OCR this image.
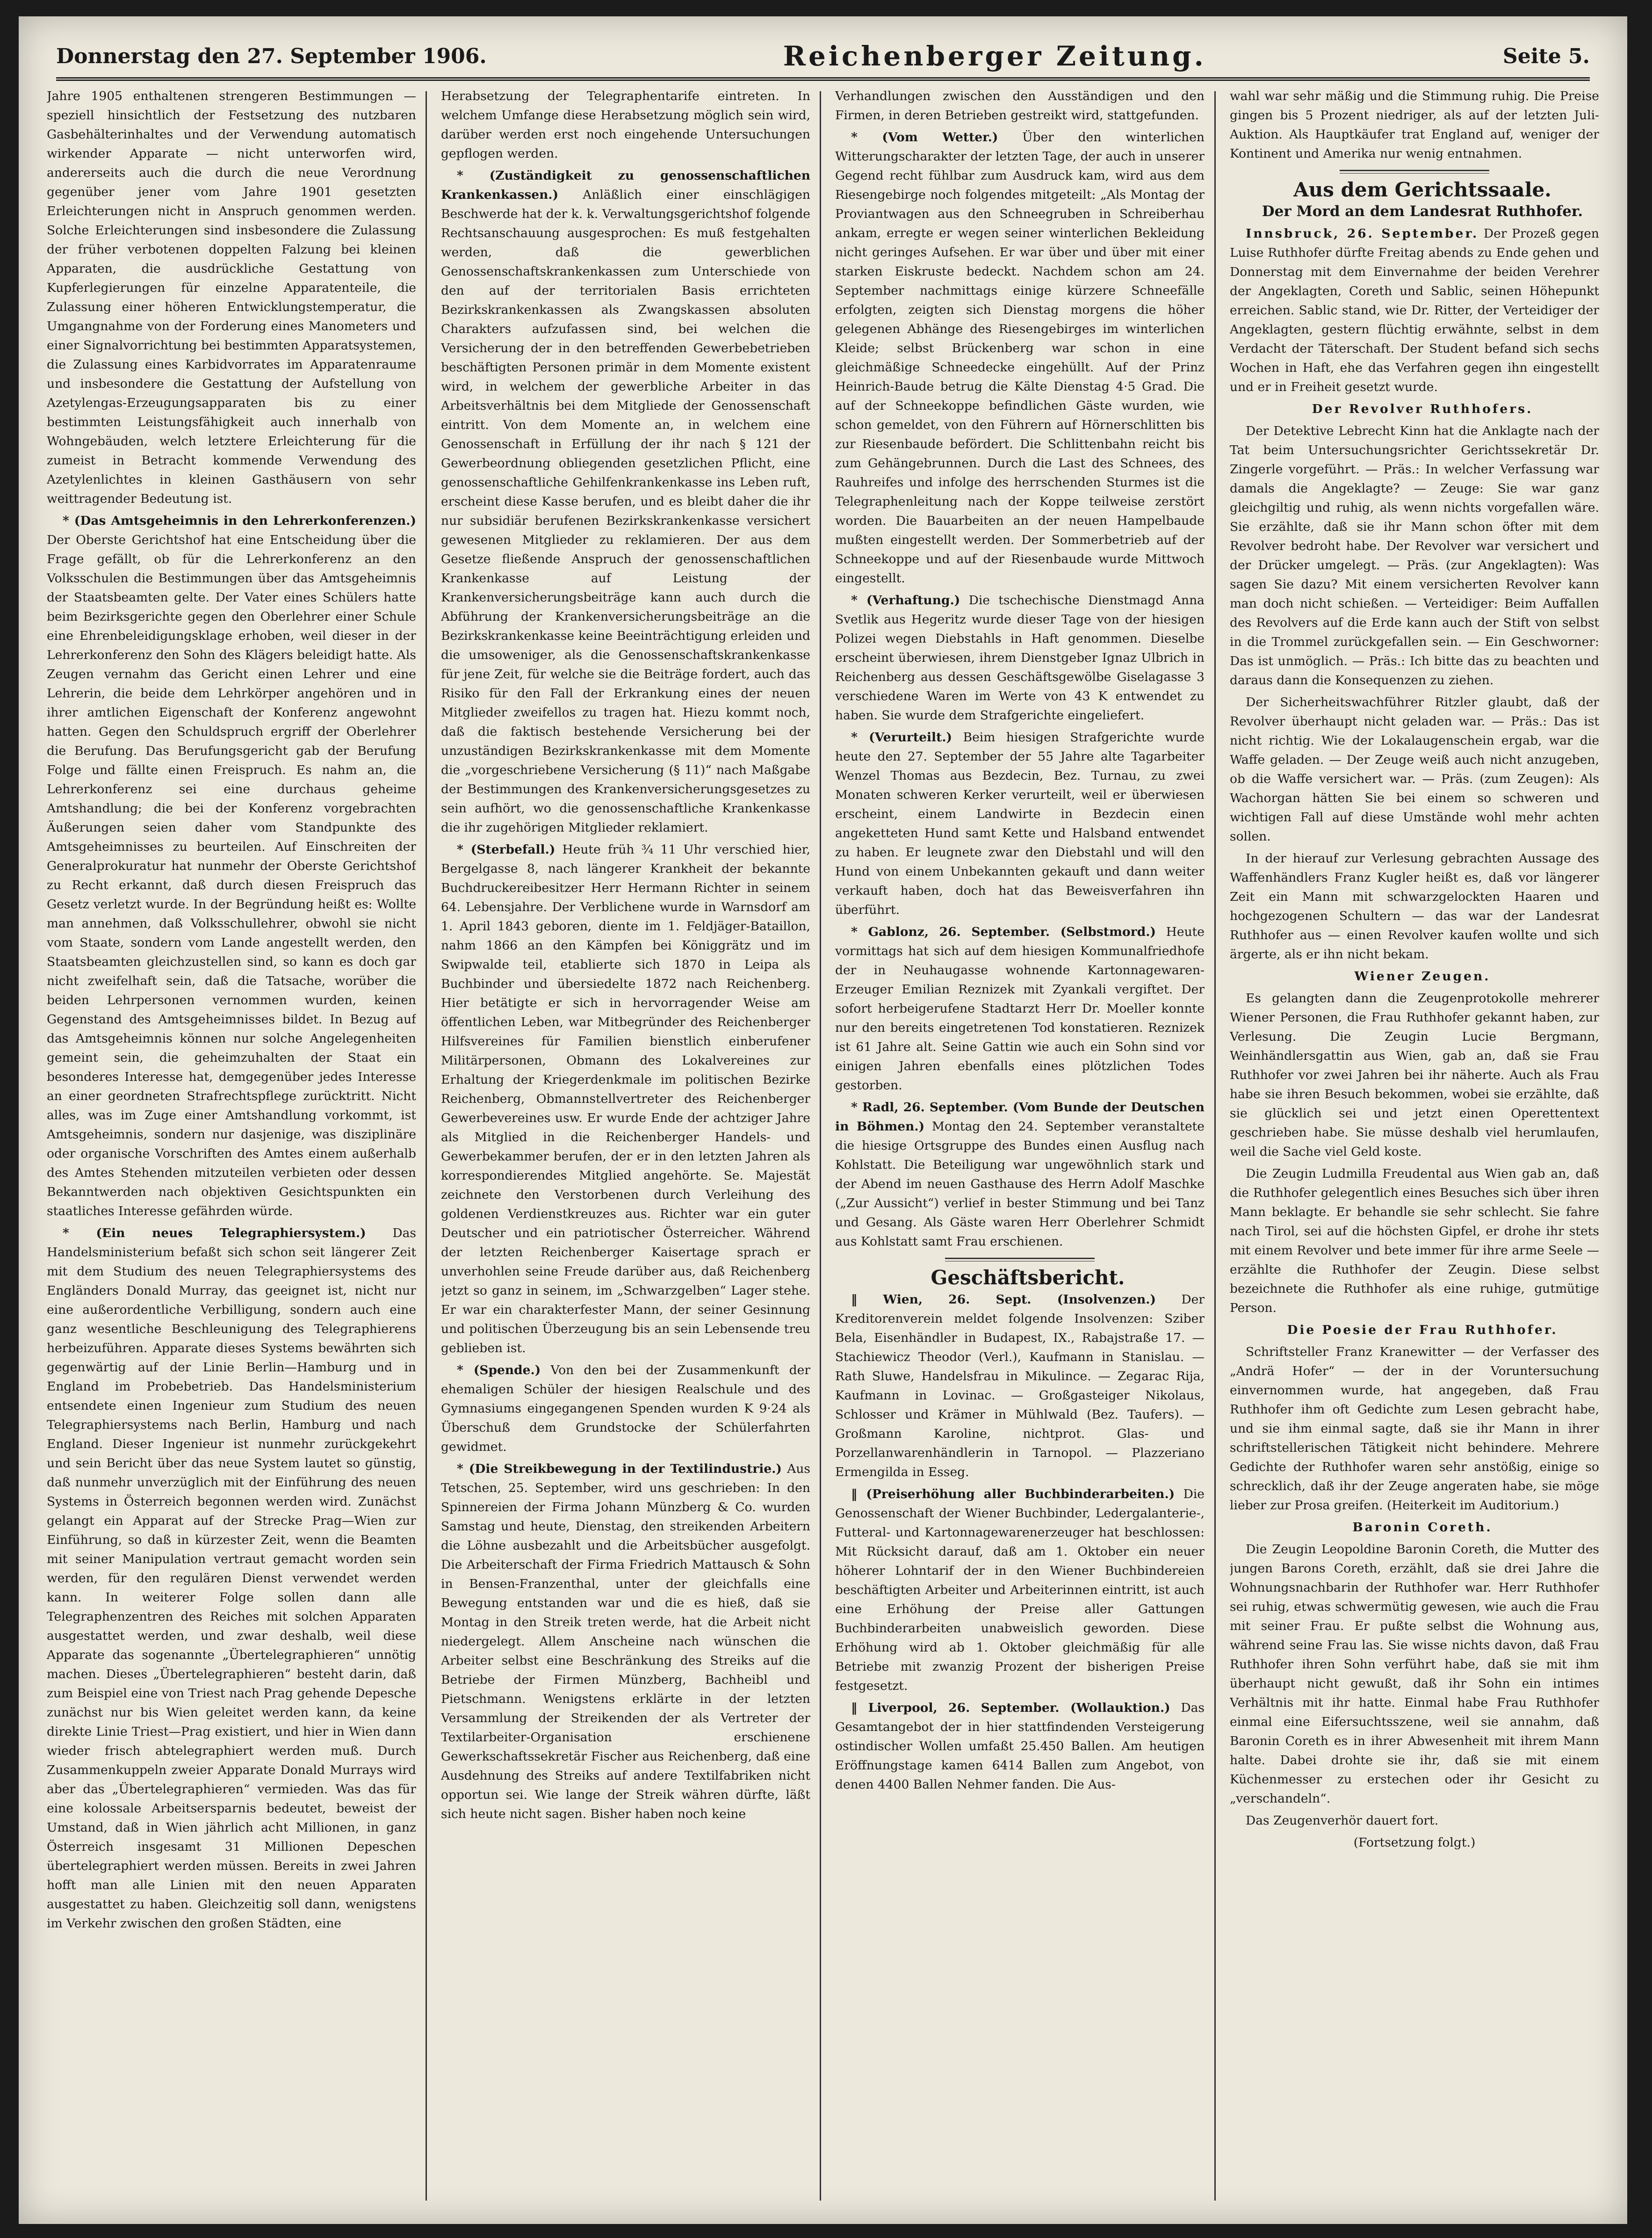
Donnerstag den 27. September 1906.	Reichenberger Zeitung.	Seite 5.

Jahre 1905 enthaltenen strengeren Bestimmungen — speziell hinsichtlich der Festsetzung des nutzbaren Gasbehälterinhaltes und der Verwendung automatisch wirkender Apparate — nicht unterworfen wird, andererseits auch die durch die neue Verordnung gegenüber jener vom Jahre 1901 gesetzten Erleichterungen nicht in Anspruch genommen werden. Solche Erleichterungen sind insbesondere die Zulassung der früher verbotenen doppelten Falzung bei kleinen Apparaten, die ausdrückliche Gestattung von Kupferlegierungen für einzelne Apparatenteile, die Zulassung einer höheren Entwicklungstemperatur, die Umgangnahme von der Forderung eines Manometers und einer Signalvorrichtung bei bestimmten Apparatsystemen, die Zulassung eines Karbidvorrates im Apparatenraume und insbesondere die Gestattung der Aufstellung von Azetylengas-Erzeugungsapparaten bis zu einer bestimmten Leistungsfähigkeit auch innerhalb von Wohngebäuden, welch letztere Erleichterung für die zumeist in Betracht kommende Verwendung des Azetylenlichtes in kleinen Gasthäusern von sehr weittragender Bedeutung ist.

* (Das Amtsgeheimnis in den Lehrerkonferenzen.) Der Oberste Gerichtshof hat eine Entscheidung über die Frage gefällt, ob für die Lehrerkonferenz an den Volksschulen die Bestimmungen über das Amtsgeheimnis der Staatsbeamten gelte. Der Vater eines Schülers hatte beim Bezirksgerichte gegen den Oberlehrer einer Schule eine Ehrenbeleidigungsklage erhoben, weil dieser in der Lehrerkonferenz den Sohn des Klägers beleidigt hatte. Als Zeugen vernahm das Gericht einen Lehrer und eine Lehrerin, die beide dem Lehrkörper angehören und in ihrer amtlichen Eigenschaft der Konferenz angewohnt hatten. Gegen den Schuldspruch ergriff der Oberlehrer die Berufung. Das Berufungsgericht gab der Berufung Folge und fällte einen Freispruch. Es nahm an, die Lehrerkonferenz sei eine durchaus geheime Amtshandlung; die bei der Konferenz vorgebrachten Äußerungen seien daher vom Standpunkte des Amtsgeheimnisses zu beurteilen. Auf Einschreiten der Generalprokuratur hat nunmehr der Oberste Gerichtshof zu Recht erkannt, daß durch diesen Freispruch das Gesetz verletzt wurde. In der Begründung heißt es: Wollte man annehmen, daß Volksschullehrer, obwohl sie nicht vom Staate, sondern vom Lande angestellt werden, den Staatsbeamten gleichzustellen sind, so kann es doch gar nicht zweifelhaft sein, daß die Tatsache, worüber die beiden Lehrpersonen vernommen wurden, keinen Gegenstand des Amtsgeheimnisses bildet. In Bezug auf das Amtsgeheimnis können nur solche Angelegenheiten gemeint sein, die geheimzuhalten der Staat ein besonderes Interesse hat, demgegenüber jedes Interesse an einer geordneten Strafrechtspflege zurücktritt. Nicht alles, was im Zuge einer Amtshandlung vorkommt, ist Amtsgeheimnis, sondern nur dasjenige, was disziplinäre oder organische Vorschriften des Amtes einem außerhalb des Amtes Stehenden mitzuteilen verbieten oder dessen Bekanntwerden nach objektiven Gesichtspunkten ein staatliches Interesse gefährden würde.

* (Ein neues Telegraphiersystem.) Das Handelsministerium befaßt sich schon seit längerer Zeit mit dem Studium des neuen Telegraphiersystems des Engländers Donald Murray, das geeignet ist, nicht nur eine außerordentliche Verbilligung, sondern auch eine ganz wesentliche Beschleunigung des Telegraphierens herbeizuführen. Apparate dieses Systems bewährten sich gegenwärtig auf der Linie Berlin—Hamburg und in England im Probebetrieb. Das Handelsministerium entsendete einen Ingenieur zum Studium des neuen Telegraphiersystems nach Berlin, Hamburg und nach England. Dieser Ingenieur ist nunmehr zurückgekehrt und sein Bericht über das neue System lautet so günstig, daß nunmehr unverzüglich mit der Einführung des neuen Systems in Österreich begonnen werden wird. Zunächst gelangt ein Apparat auf der Strecke Prag—Wien zur Einführung, so daß in kürzester Zeit, wenn die Beamten mit seiner Manipulation vertraut gemacht worden sein werden, für den regulären Dienst verwendet werden kann. In weiterer Folge sollen dann alle Telegraphenzentren des Reiches mit solchen Apparaten ausgestattet werden, und zwar deshalb, weil diese Apparate das sogenannte „Übertelegraphieren“ unnötig machen. Dieses „Übertelegraphieren“ besteht darin, daß zum Beispiel eine von Triest nach Prag gehende Depesche zunächst nur bis Wien geleitet werden kann, da keine direkte Linie Triest—Prag existiert, und hier in Wien dann wieder frisch abtelegraphiert werden muß. Durch Zusammenkuppeln zweier Apparate Donald Murrays wird aber das „Übertelegraphieren“ vermieden. Was das für eine kolossale Arbeitsersparnis bedeutet, beweist der Umstand, daß in Wien jährlich acht Millionen, in ganz Österreich insgesamt 31 Millionen Depeschen übertelegraphiert werden müssen. Bereits in zwei Jahren hofft man alle Linien mit den neuen Apparaten ausgestattet zu haben. Gleichzeitig soll dann, wenigstens im Verkehr zwischen den großen Städten, eine

Herabsetzung der Telegraphentarife eintreten. In welchem Umfange diese Herabsetzung möglich sein wird, darüber werden erst noch eingehende Untersuchungen gepflogen werden.

* (Zuständigkeit zu genossenschaftlichen Krankenkassen.) Anläßlich einer einschlägigen Beschwerde hat der k. k. Verwaltungsgerichtshof folgende Rechtsanschauung ausgesprochen: Es muß festgehalten werden, daß die gewerblichen Genossenschaftskrankenkassen zum Unterschiede von den auf der territorialen Basis errichteten Bezirkskrankenkassen als Zwangskassen absoluten Charakters aufzufassen sind, bei welchen die Versicherung der in den betreffenden Gewerbebetrieben beschäftigten Personen primär in dem Momente existent wird, in welchem der gewerbliche Arbeiter in das Arbeitsverhältnis bei dem Mitgliede der Genossenschaft eintritt. Von dem Momente an, in welchem eine Genossenschaft in Erfüllung der ihr nach § 121 der Gewerbeordnung obliegenden gesetzlichen Pflicht, eine genossenschaftliche Gehilfenkrankenkasse ins Leben ruft, erscheint diese Kasse berufen, und es bleibt daher die ihr nur subsidiär berufenen Bezirkskrankenkasse versichert gewesenen Mitglieder zu reklamieren. Der aus dem Gesetze fließende Anspruch der genossenschaftlichen Krankenkasse auf Leistung der Krankenversicherungsbeiträge kann auch durch die Abführung der Krankenversicherungsbeiträge an die Bezirkskrankenkasse keine Beeinträchtigung erleiden und die umsoweniger, als die Genossenschaftskrankenkasse für jene Zeit, für welche sie die Beiträge fordert, auch das Risiko für den Fall der Erkrankung eines der neuen Mitglieder zweifellos zu tragen hat. Hiezu kommt noch, daß die faktisch bestehende Versicherung bei der unzuständigen Bezirkskrankenkasse mit dem Momente die „vorgeschriebene Versicherung (§ 11)“ nach Maßgabe der Bestimmungen des Krankenversicherungsgesetzes zu sein aufhört, wo die genossenschaftliche Krankenkasse die ihr zugehörigen Mitglieder reklamiert.

* (Sterbefall.) Heute früh ¾ 11 Uhr verschied hier, Bergelgasse 8, nach längerer Krankheit der bekannte Buchdruckereibesitzer Herr Hermann Richter in seinem 64. Lebensjahre. Der Verblichene wurde in Warnsdorf am 1. April 1843 geboren, diente im 1. Feldjäger-Bataillon, nahm 1866 an den Kämpfen bei Königgrätz und im Swipwalde teil, etablierte sich 1870 in Leipa als Buchbinder und übersiedelte 1872 nach Reichenberg. Hier betätigte er sich in hervorragender Weise am öffentlichen Leben, war Mitbegründer des Reichenberger Hilfsvereines für Familien bienstlich einberufener Militärpersonen, Obmann des Lokalvereines zur Erhaltung der Kriegerdenkmale im politischen Bezirke Reichenberg, Obmannstellvertreter des Reichenberger Gewerbevereines usw. Er wurde Ende der achtziger Jahre als Mitglied in die Reichenberger Handels- und Gewerbekammer berufen, der er in den letzten Jahren als korrespondierendes Mitglied angehörte. Se. Majestät zeichnete den Verstorbenen durch Verleihung des goldenen Verdienstkreuzes aus. Richter war ein guter Deutscher und ein patriotischer Österreicher. Während der letzten Reichenberger Kaisertage sprach er unverhohlen seine Freude darüber aus, daß Reichenberg jetzt so ganz in seinem, im „Schwarzgelben“ Lager stehe. Er war ein charakterfester Mann, der seiner Gesinnung und politischen Überzeugung bis an sein Lebensende treu geblieben ist.

* (Spende.) Von den bei der Zusammenkunft der ehemaligen Schüler der hiesigen Realschule und des Gymnasiums eingegangenen Spenden wurden K 9·24 als Überschuß dem Grundstocke der Schülerfahrten gewidmet.

* (Die Streikbewegung in der Textilindustrie.) Aus Tetschen, 25. September, wird uns geschrieben: In den Spinnereien der Firma Johann Münzberg & Co. wurden Samstag und heute, Dienstag, den streikenden Arbeitern die Löhne ausbezahlt und die Arbeitsbücher ausgefolgt. Die Arbeiterschaft der Firma Friedrich Mattausch & Sohn in Bensen-Franzenthal, unter der gleichfalls eine Bewegung entstanden war und die es hieß, daß sie Montag in den Streik treten werde, hat die Arbeit nicht niedergelegt. Allem Anscheine nach wünschen die Arbeiter selbst eine Beschränkung des Streiks auf die Betriebe der Firmen Münzberg, Bachheibl und Pietschmann. Wenigstens erklärte in der letzten Versammlung der Streikenden der als Vertreter der Textilarbeiter-Organisation erschienene Gewerkschaftssekretär Fischer aus Reichenberg, daß eine Ausdehnung des Streiks auf andere Textilfabriken nicht opportun sei. Wie lange der Streik währen dürfte, läßt sich heute nicht sagen. Bisher haben noch keine

Verhandlungen zwischen den Ausständigen und den Firmen, in deren Betrieben gestreikt wird, stattgefunden.

* (Vom Wetter.) Über den winterlichen Witterungscharakter der letzten Tage, der auch in unserer Gegend recht fühlbar zum Ausdruck kam, wird aus dem Riesengebirge noch folgendes mitgeteilt: „Als Montag der Proviantwagen aus den Schneegruben in Schreiberhau ankam, erregte er wegen seiner winterlichen Bekleidung nicht geringes Aufsehen. Er war über und über mit einer starken Eiskruste bedeckt. Nachdem schon am 24. September nachmittags einige kürzere Schneefälle erfolgten, zeigten sich Dienstag morgens die höher gelegenen Abhänge des Riesengebirges im winterlichen Kleide; selbst Brückenberg war schon in eine gleichmäßige Schneedecke eingehüllt. Auf der Prinz Heinrich-Baude betrug die Kälte Dienstag 4·5 Grad. Die auf der Schneekoppe befindlichen Gäste wurden, wie schon gemeldet, von den Führern auf Hörnerschlitten bis zur Riesenbaude befördert. Die Schlittenbahn reicht bis zum Gehängebrunnen. Durch die Last des Schnees, des Rauhreifes und infolge des herrschenden Sturmes ist die Telegraphenleitung nach der Koppe teilweise zerstört worden. Die Bauarbeiten an der neuen Hampelbaude mußten eingestellt werden. Der Sommerbetrieb auf der Schneekoppe und auf der Riesenbaude wurde Mittwoch eingestellt.

* (Verhaftung.) Die tschechische Dienstmagd Anna Svetlik aus Hegeritz wurde dieser Tage von der hiesigen Polizei wegen Diebstahls in Haft genommen. Dieselbe erscheint überwiesen, ihrem Dienstgeber Ignaz Ulbrich in Reichenberg aus dessen Geschäftsgewölbe Giselagasse 3 verschiedene Waren im Werte von 43 K entwendet zu haben. Sie wurde dem Strafgerichte eingeliefert.

* (Verurteilt.) Beim hiesigen Strafgerichte wurde heute den 27. September der 55 Jahre alte Tagarbeiter Wenzel Thomas aus Bezdecin, Bez. Turnau, zu zwei Monaten schweren Kerker verurteilt, weil er überwiesen erscheint, einem Landwirte in Bezdecin einen angeketteten Hund samt Kette und Halsband entwendet zu haben. Er leugnete zwar den Diebstahl und will den Hund von einem Unbekannten gekauft und dann weiter verkauft haben, doch hat das Beweisverfahren ihn überführt.

* Gablonz, 26. September. (Selbstmord.) Heute vormittags hat sich auf dem hiesigen Kommunalfriedhofe der in Neuhaugasse wohnende Kartonnagewaren-Erzeuger Emilian Reznizek mit Zyankali vergiftet. Der sofort herbeigerufene Stadtarzt Herr Dr. Moeller konnte nur den bereits eingetretenen Tod konstatieren. Reznizek ist 61 Jahre alt. Seine Gattin wie auch ein Sohn sind vor einigen Jahren ebenfalls eines plötzlichen Todes gestorben.

* Radl, 26. September. (Vom Bunde der Deutschen in Böhmen.) Montag den 24. September veranstaltete die hiesige Ortsgruppe des Bundes einen Ausflug nach Kohlstatt. Die Beteiligung war ungewöhnlich stark und der Abend im neuen Gasthause des Herrn Adolf Maschke („Zur Aussicht“) verlief in bester Stimmung und bei Tanz und Gesang. Als Gäste waren Herr Oberlehrer Schmidt aus Kohlstatt samt Frau erschienen.

Geschäftsbericht.

‖ Wien, 26. Sept. (Insolvenzen.) Der Kreditorenverein meldet folgende Insolvenzen: Sziber Bela, Eisenhändler in Budapest, IX., Rabajstraße 17. — Stachiewicz Theodor (Verl.), Kaufmann in Stanislau. — Rath Sluwe, Handelsfrau in Mikulince. — Zegarac Rija, Kaufmann in Lovinac. — Großgasteiger Nikolaus, Schlosser und Krämer in Mühlwald (Bez. Taufers). — Großmann Karoline, nichtprot. Glas- und Porzellanwarenhändlerin in Tarnopol. — Plazzeriano Ermengilda in Esseg.

‖ (Preiserhöhung aller Buchbinderarbeiten.) Die Genossenschaft der Wiener Buchbinder, Ledergalanterie-, Futteral- und Kartonnagewarenerzeuger hat beschlossen: Mit Rücksicht darauf, daß am 1. Oktober ein neuer höherer Lohntarif der in den Wiener Buchbindereien beschäftigten Arbeiter und Arbeiterinnen eintritt, ist auch eine Erhöhung der Preise aller Gattungen Buchbinderarbeiten unabweislich geworden. Diese Erhöhung wird ab 1. Oktober gleichmäßig für alle Betriebe mit zwanzig Prozent der bisherigen Preise festgesetzt.

‖ Liverpool, 26. September. (Wollauktion.) Das Gesamtangebot der in hier stattfindenden Versteigerung ostindischer Wollen umfaßt 25.450 Ballen. Am heutigen Eröffnungstage kamen 6414 Ballen zum Angebot, von denen 4400 Ballen Nehmer fanden. Die Aus-

wahl war sehr mäßig und die Stimmung ruhig. Die Preise gingen bis 5 Prozent niedriger, als auf der letzten Juli-Auktion. Als Hauptkäufer trat England auf, weniger der Kontinent und Amerika nur wenig entnahmen.

Aus dem Gerichtssaale.

Der Mord an dem Landesrat Ruthhofer.

Innsbruck, 26. September. Der Prozeß gegen Luise Ruthhofer dürfte Freitag abends zu Ende gehen und Donnerstag mit dem Einvernahme der beiden Verehrer der Angeklagten, Coreth und Sablic, seinen Höhepunkt erreichen. Sablic stand, wie Dr. Ritter, der Verteidiger der Angeklagten, gestern flüchtig erwähnte, selbst in dem Verdacht der Täterschaft. Der Student befand sich sechs Wochen in Haft, ehe das Verfahren gegen ihn eingestellt und er in Freiheit gesetzt wurde.

Der Revolver Ruthhofers.

Der Detektive Lebrecht Kinn hat die Anklagte nach der Tat beim Untersuchungsrichter Gerichtssekretär Dr. Zingerle vorgeführt. — Präs.: In welcher Verfassung war damals die Angeklagte? — Zeuge: Sie war ganz gleichgiltig und ruhig, als wenn nichts vorgefallen wäre. Sie erzählte, daß sie ihr Mann schon öfter mit dem Revolver bedroht habe. Der Revolver war versichert und der Drücker umgelegt. — Präs. (zur Angeklagten): Was sagen Sie dazu? Mit einem versicherten Revolver kann man doch nicht schießen. — Verteidiger: Beim Auffallen des Revolvers auf die Erde kann auch der Stift von selbst in die Trommel zurückgefallen sein. — Ein Geschworner: Das ist unmöglich. — Präs.: Ich bitte das zu beachten und daraus dann die Konsequenzen zu ziehen.

Der Sicherheitswachführer Ritzler glaubt, daß der Revolver überhaupt nicht geladen war. — Präs.: Das ist nicht richtig. Wie der Lokalaugenschein ergab, war die Waffe geladen. — Der Zeuge weiß auch nicht anzugeben, ob die Waffe versichert war. — Präs. (zum Zeugen): Als Wachorgan hätten Sie bei einem so schweren und wichtigen Fall auf diese Umstände wohl mehr achten sollen.

In der hierauf zur Verlesung gebrachten Aussage des Waffenhändlers Franz Kugler heißt es, daß vor längerer Zeit ein Mann mit schwarzgelockten Haaren und hochgezogenen Schultern — das war der Landesrat Ruthhofer aus — einen Revolver kaufen wollte und sich ärgerte, als er ihn nicht bekam.

Wiener Zeugen.

Es gelangten dann die Zeugenprotokolle mehrerer Wiener Personen, die Frau Ruthhofer gekannt haben, zur Verlesung. Die Zeugin Lucie Bergmann, Weinhändlersgattin aus Wien, gab an, daß sie Frau Ruthhofer vor zwei Jahren bei ihr näherte. Auch als Frau habe sie ihren Besuch bekommen, wobei sie erzählte, daß sie glücklich sei und jetzt einen Operettentext geschrieben habe. Sie müsse deshalb viel herumlaufen, weil die Sache viel Geld koste.

Die Zeugin Ludmilla Freudental aus Wien gab an, daß die Ruthhofer gelegentlich eines Besuches sich über ihren Mann beklagte. Er behandle sie sehr schlecht. Sie fahre nach Tirol, sei auf die höchsten Gipfel, er drohe ihr stets mit einem Revolver und bete immer für ihre arme Seele — erzählte die Ruthhofer der Zeugin. Diese selbst bezeichnete die Ruthhofer als eine ruhige, gutmütige Person.

Die Poesie der Frau Ruthhofer.

Schriftsteller Franz Kranewitter — der Verfasser des „Andrä Hofer“ — der in der Voruntersuchung einvernommen wurde, hat angegeben, daß Frau Ruthhofer ihm oft Gedichte zum Lesen gebracht habe, und sie ihm einmal sagte, daß sie ihr Mann in ihrer schriftstellerischen Tätigkeit nicht behindere. Mehrere Gedichte der Ruthhofer waren sehr anstößig, einige so schrecklich, daß ihr der Zeuge angeraten habe, sie möge lieber zur Prosa greifen. (Heiterkeit im Auditorium.)

Baronin Coreth.

Die Zeugin Leopoldine Baronin Coreth, die Mutter des jungen Barons Coreth, erzählt, daß sie drei Jahre die Wohnungsnachbarin der Ruthhofer war. Herr Ruthhofer sei ruhig, etwas schwermütig gewesen, wie auch die Frau mit seiner Frau. Er pußte selbst die Wohnung aus, während seine Frau las. Sie wisse nichts davon, daß Frau Ruthhofer ihren Sohn verführt habe, daß sie mit ihm überhaupt nicht gewußt, daß ihr Sohn ein intimes Verhältnis mit ihr hatte. Einmal habe Frau Ruthhofer einmal eine Eifersuchtsszene, weil sie annahm, daß Baronin Coreth es in ihrer Abwesenheit mit ihrem Mann halte. Dabei drohte sie ihr, daß sie mit einem Küchenmesser zu erstechen oder ihr Gesicht zu „verschandeln“.

Das Zeugenverhör dauert fort.

(Fortsetzung folgt.)
